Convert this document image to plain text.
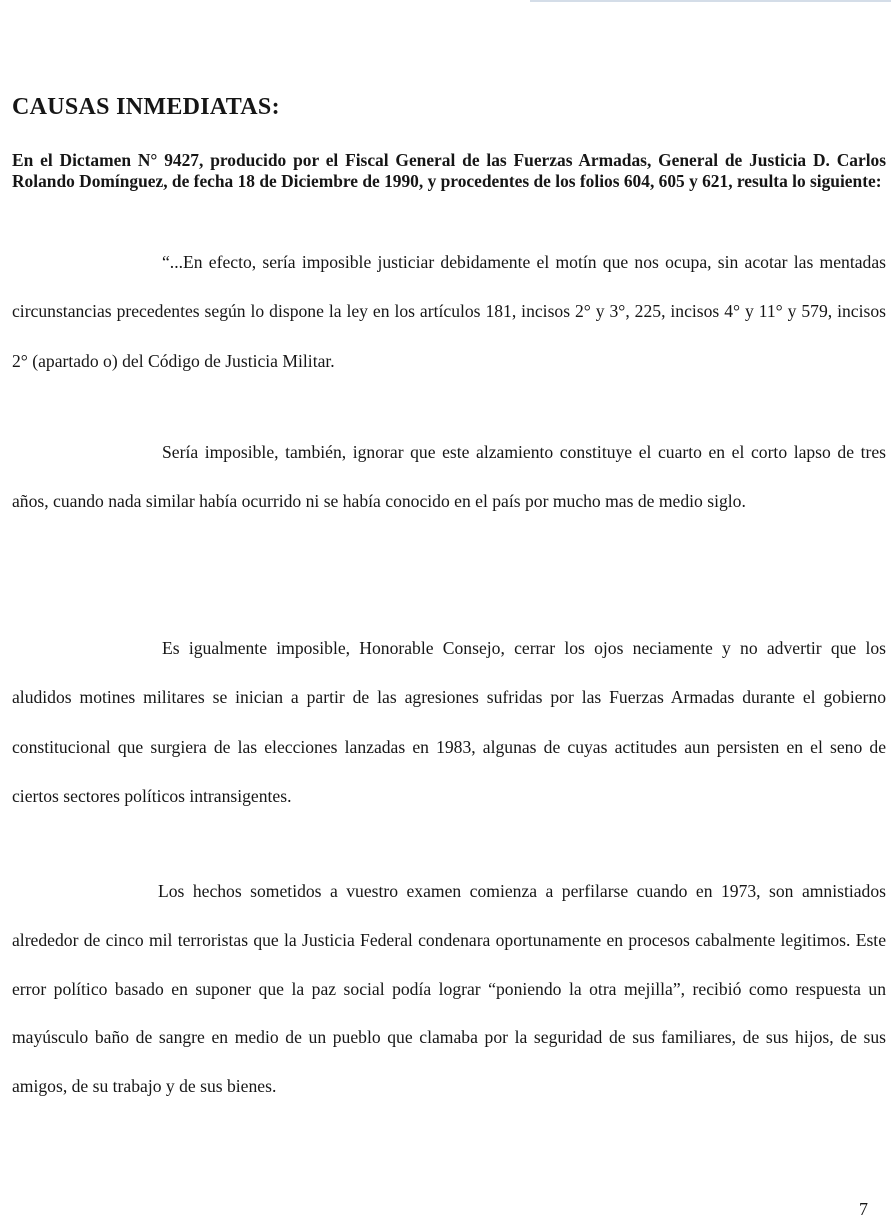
CAUSAS INMEDIATAS:
En el Dictamen N° 9427, producido por el Fiscal General de las Fuerzas Armadas, General de Justicia D. Carlos Rolando Domínguez, de fecha 18 de Diciembre de 1990, y procedentes de los folios 604, 605 y 621, resulta lo siguiente:
“...En efecto, sería imposible justiciar debidamente el motín que nos ocupa, sin acotar las mentadas circunstancias precedentes según lo dispone la ley en los artículos 181, incisos 2° y 3°, 225, incisos 4° y 11° y 579, incisos 2° (apartado o) del Código de Justicia Militar.
Sería imposible, también, ignorar que este alzamiento constituye el cuarto en el corto lapso de tres años, cuando nada similar había ocurrido ni se había conocido en el país por mucho mas de medio siglo.
Es igualmente imposible, Honorable Consejo, cerrar los ojos neciamente y no advertir que los aludidos motines militares se inician a partir de las agresiones sufridas por las Fuerzas Armadas durante el gobierno constitucional que surgiera de las elecciones lanzadas en 1983, algunas de cuyas actitudes aun persisten en el seno de ciertos sectores políticos intransigentes.
Los hechos sometidos a vuestro examen comienza a perfilarse cuando en 1973, son amnistiados alrededor de cinco mil terroristas que la Justicia Federal condenara oportunamente en procesos cabalmente legitimos. Este error político basado en suponer que la paz social podía lograr “poniendo la otra mejilla”, recibió como respuesta un mayúsculo baño de sangre en medio de un pueblo que clamaba por la seguridad de sus familiares, de sus hijos, de sus amigos, de su trabajo y de sus bienes.
7
